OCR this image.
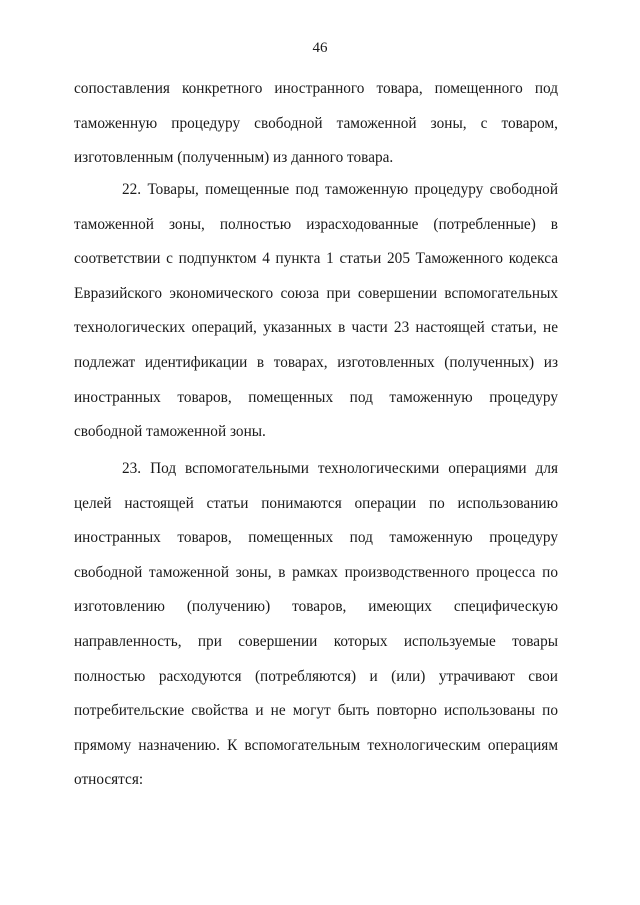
46

сопоставления конкретного иностранного товара, помещенного под таможенную процедуру свободной таможенной зоны, с товаром, изготовленным (полученным) из данного товара.

22. Товары, помещенные под таможенную процедуру свободной таможенной зоны, полностью израсходованные (потребленные) в соответствии с подпунктом 4 пункта 1 статьи 205 Таможенного кодекса Евразийского экономического союза при совершении вспомогательных технологических операций, указанных в части 23 настоящей статьи, не подлежат идентификации в товарах, изготовленных (полученных) из иностранных товаров, помещенных под таможенную процедуру свободной таможенной зоны.

23. Под вспомогательными технологическими операциями для целей настоящей статьи понимаются операции по использованию иностранных товаров, помещенных под таможенную процедуру свободной таможенной зоны, в рамках производственного процесса по изготовлению (получению) товаров, имеющих специфическую направленность, при совершении которых используемые товары полностью расходуются (потребляются) и (или) утрачивают свои потребительские свойства и не могут быть повторно использованы по прямому назначению. К вспомогательным технологическим операциям относятся:
